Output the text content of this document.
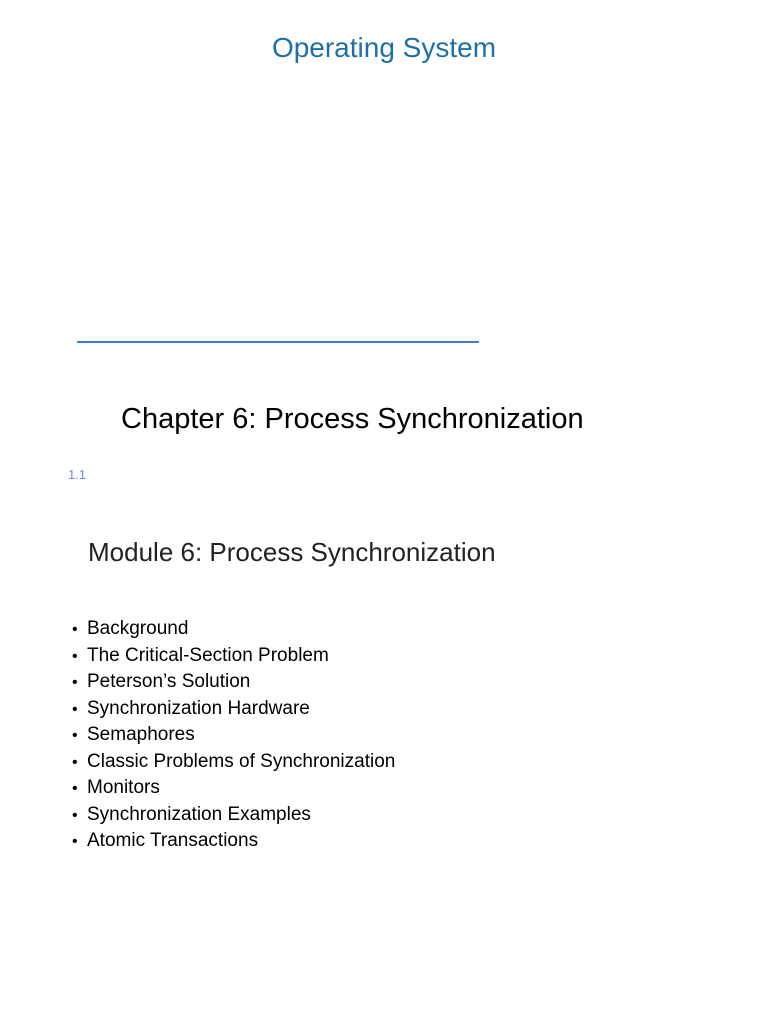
Operating System
Chapter 6: Process Synchronization
1.1
Module 6: Process Synchronization
• Background
• The Critical-Section Problem
• Peterson’s Solution
• Synchronization Hardware
• Semaphores
• Classic Problems of Synchronization
• Monitors
• Synchronization Examples
• Atomic Transactions
